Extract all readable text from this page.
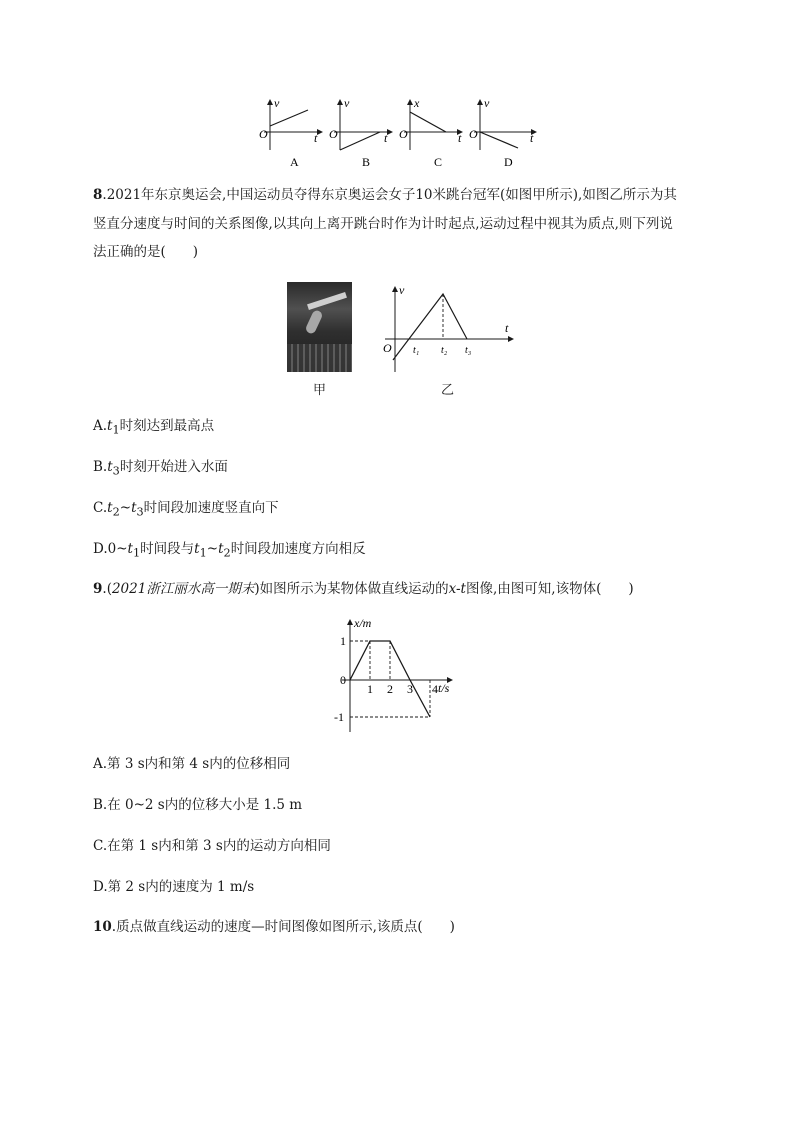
v
t
O
A
v
t
O
B
x
t
O
C
v
t
O
D
8.2021年东京奥运会,中国运动员夺得东京奥运会女子10米跳台冠军(如图甲所示),如图乙所示为其
竖直分速度与时间的关系图像,以其向上离开跳台时作为计时起点,运动过程中视其为质点,则下列说
法正确的是(　　)
甲
v
t
O t₁ t₂ t₃
乙
$A.t_1$时刻达到最高点
$B.t_3$时刻开始进入水面
$C.t_2\sim t_3$时间段加速度竖直向下
$D.0\sim t_1$时间段与$t_1\sim t_2$时间段加速度方向相反
9.(2021浙江丽水高一期末)如图所示为某物体做直线运动的x-t图像,由图可知,该物体(　　)
x/m
t/s
0
1 2 3 4
1
-1
A.第 3 s内和第 4 s内的位移相同
B.在 0~2 s内的位移大小是 1.5 m
C.在第 1 s内和第 3 s内的运动方向相同
D.第 2 s内的速度为 1 m/s
10.质点做直线运动的速度—时间图像如图所示,该质点(　　)
